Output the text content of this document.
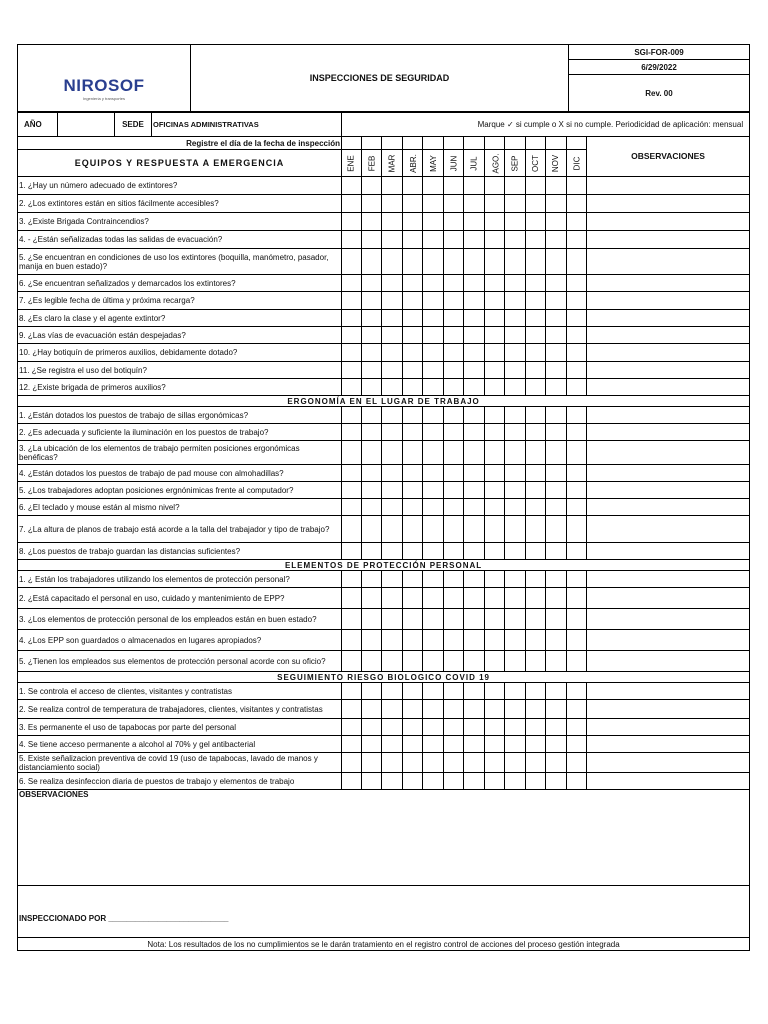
NIROSOF
Ingeniería y transportes
	INSPECCIONES DE SEGURIDAD	SGI-FOR-009
6/29/2022
Rev. 00
AÑO		SEDE	OFICINAS ADMINISTRATIVAS	Marque ✓ si cumple o X si no cumple. Periodicidad de aplicación: mensual												
Registre el día de la fecha de inspección																OBSERVACIONES
EQUIPOS Y RESPUESTA A EMERGENCIA				ENE	FEB	MAR	ABR.	MAY	JUN	JUL	AGO.	SEP	OCT	NOV	DIC	
1. ¿Hay un número adecuado de extintores?																
2. ¿Los extintores están en sitios fácilmente accesibles?																
3. ¿Existe Brigada Contraincendios?																
4. - ¿Están señalizadas todas las salidas de evacuación?																
5. ¿Se encuentran en condiciones de uso los extintores (boquilla, manómetro, pasador, manija en buen estado)?																
6. ¿Se encuentran señalizados y demarcados los extintores?																
7. ¿Es legible fecha de última y próxima recarga?																
8. ¿Es claro la clase y el agente extintor?																
9. ¿Las vías de evacuación están despejadas?																
10. ¿Hay botiquín de primeros auxilios, debidamente dotado?																
11. ¿Se registra el uso del botiquín?																
12. ¿Existe brigada de primeros auxilios?																
ERGONOMÍA EN EL LUGAR DE TRABAJO																
1. ¿Están dotados los puestos de trabajo de sillas ergonómicas?																
2. ¿Es adecuada y suficiente la iluminación en los puestos de trabajo?																
3. ¿La ubicación de los elementos de trabajo permiten posiciones ergonómicas benéficas?																
4. ¿Están dotados los puestos de trabajo de pad mouse con almohadillas?																
5. ¿Los trabajadores adoptan posiciones ergnónimicas frente al computador?																
6. ¿El teclado y mouse están al mismo nivel?																
7. ¿La altura de planos de trabajo está acorde a la talla del trabajador y tipo de trabajo?																
8. ¿Los puestos de trabajo guardan las distancias suficientes?																
ELEMENTOS DE PROTECCIÓN PERSONAL																
1. ¿ Están los trabajadores utilizando los elementos de protección personal?																
2. ¿Está capacitado el personal en uso, cuidado y mantenimiento de EPP?																
3. ¿Los elementos de protección personal de los empleados están en buen estado?																
4. ¿Los EPP son guardados o almacenados en lugares apropiados?																
5. ¿Tienen los empleados sus elementos de protección personal acorde con su oficio?																
SEGUIMIENTO RIESGO BIOLOGICO COVID 19																
1. Se controla el acceso de clientes, visitantes y contratistas																
2. Se realiza control de temperatura de trabajadores, clientes, visitantes y contratistas																
3. Es permanente el uso de tapabocas por parte del personal																
4. Se tiene acceso permanente a alcohol al 70% y gel antibacterial																
5. Existe señalizacion preventiva de covid 19 (uso de tapabocas, lavado de manos y distanciamiento social)																
6. Se realiza desinfeccion diaria de puestos de trabajo y elementos de trabajo																
OBSERVACIONES																
INSPECCIONADO POR ___________________________																
Nota: Los resultados de los no cumplimientos se le darán tratamiento en el registro control de acciones del proceso gestión integrada																
